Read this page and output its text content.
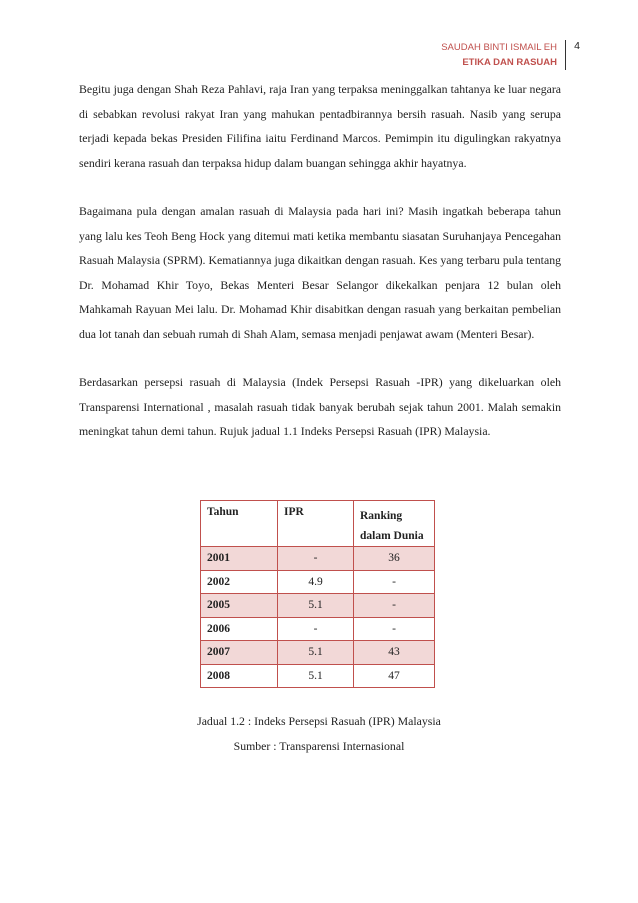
SAUDAH BINTI ISMAIL EH
ETIKA DAN RASUAH
4

Begitu juga dengan Shah Reza Pahlavi, raja Iran yang terpaksa meninggalkan tahtanya ke luar negara di sebabkan revolusi rakyat Iran yang mahukan pentadbirannya bersih rasuah. Nasib yang serupa terjadi kepada bekas Presiden Filifina iaitu Ferdinand Marcos. Pemimpin itu digulingkan rakyatnya sendiri kerana rasuah dan terpaksa hidup dalam buangan sehingga akhir hayatnya.

Bagaimana pula dengan amalan rasuah di Malaysia pada hari ini? Masih ingatkah beberapa tahun yang lalu kes Teoh Beng Hock yang ditemui mati ketika membantu siasatan Suruhanjaya Pencegahan Rasuah Malaysia (SPRM). Kematiannya juga dikaitkan dengan rasuah. Kes yang terbaru pula tentang Dr. Mohamad Khir Toyo, Bekas Menteri Besar Selangor dikekalkan penjara 12 bulan oleh Mahkamah Rayuan Mei lalu. Dr. Mohamad Khir disabitkan dengan rasuah yang berkaitan pembelian dua lot tanah dan sebuah rumah di Shah Alam, semasa menjadi penjawat awam (Menteri Besar).

Berdasarkan persepsi rasuah di Malaysia (Indek Persepsi Rasuah -IPR) yang dikeluarkan oleh Transparensi International , masalah rasuah tidak banyak berubah sejak tahun 2001. Malah semakin meningkat tahun demi tahun. Rujuk jadual 1.1 Indeks Persepsi Rasuah (IPR) Malaysia.

Tahun	IPR	Ranking
dalam Dunia
2001	-	36
2002	4.9	-
2005	5.1	-
2006	-	-
2007	5.1	43
2008	5.1	47
Jadual 1.2 : Indeks Persepsi Rasuah (IPR) Malaysia
Sumber : Transparensi Internasional
